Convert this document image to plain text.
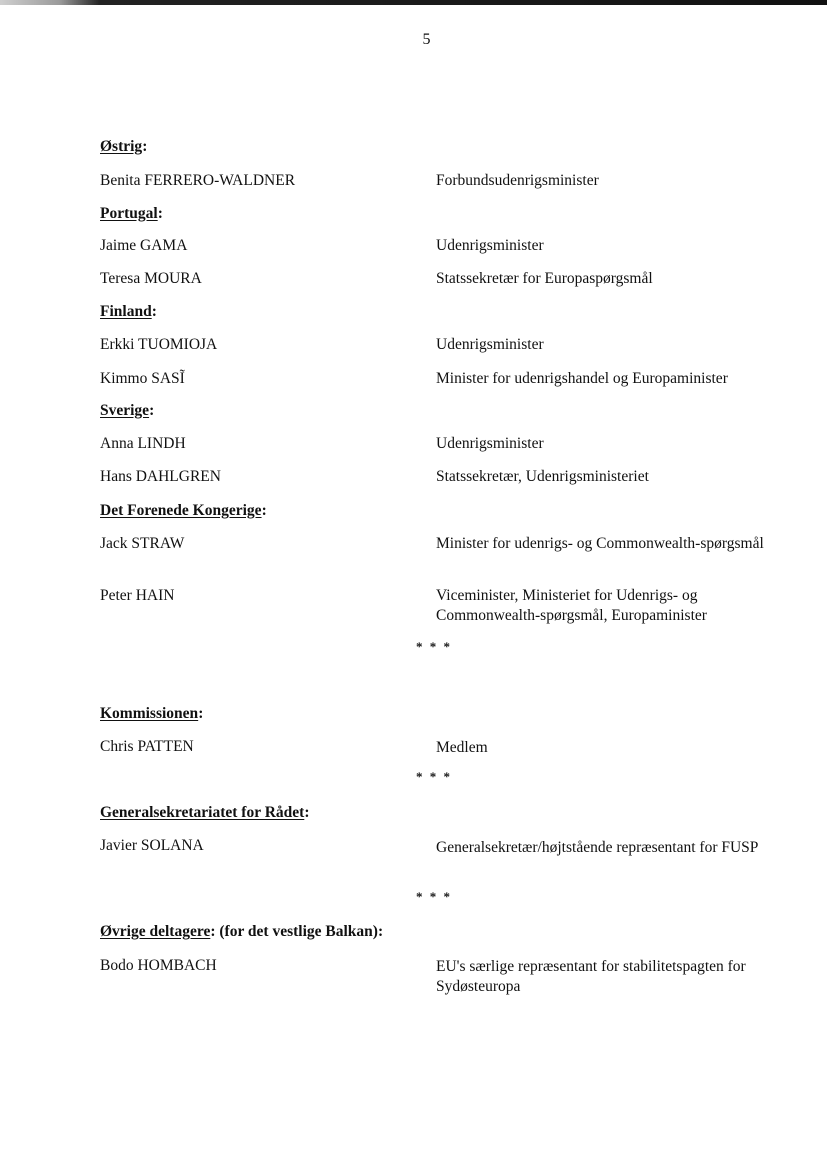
5
Østrig:
Benita FERRERO-WALDNER	Forbundsudenrigsminister
Portugal:
Jaime GAMA	Udenrigsminister
Teresa MOURA	Statssekretær for Europaspørgsmål
Finland:
Erkki TUOMIOJA	Udenrigsminister
Kimmo SASĨ	Minister for udenrigshandel og Europaminister
Sverige:
Anna LINDH	Udenrigsminister
Hans DAHLGREN	Statssekretær, Udenrigsministeriet
Det Forenede Kongerige:
Jack STRAW	Minister for udenrigs- og Commonwealth-spørgsmål
Peter HAIN	Viceminister, Ministeriet for Udenrigs- og Commonwealth-spørgsmål, Europaminister
* * *
Kommissionen:
Chris PATTEN	Medlem
* * *
Generalsekretariatet for Rådet:
Javier SOLANA	Generalsekretær/højtstående repræsentant for FUSP
* * *
Øvrige deltagere: (for det vestlige Balkan):
Bodo HOMBACH	EU's særlige repræsentant for stabilitetspagten for Sydøsteuropa
